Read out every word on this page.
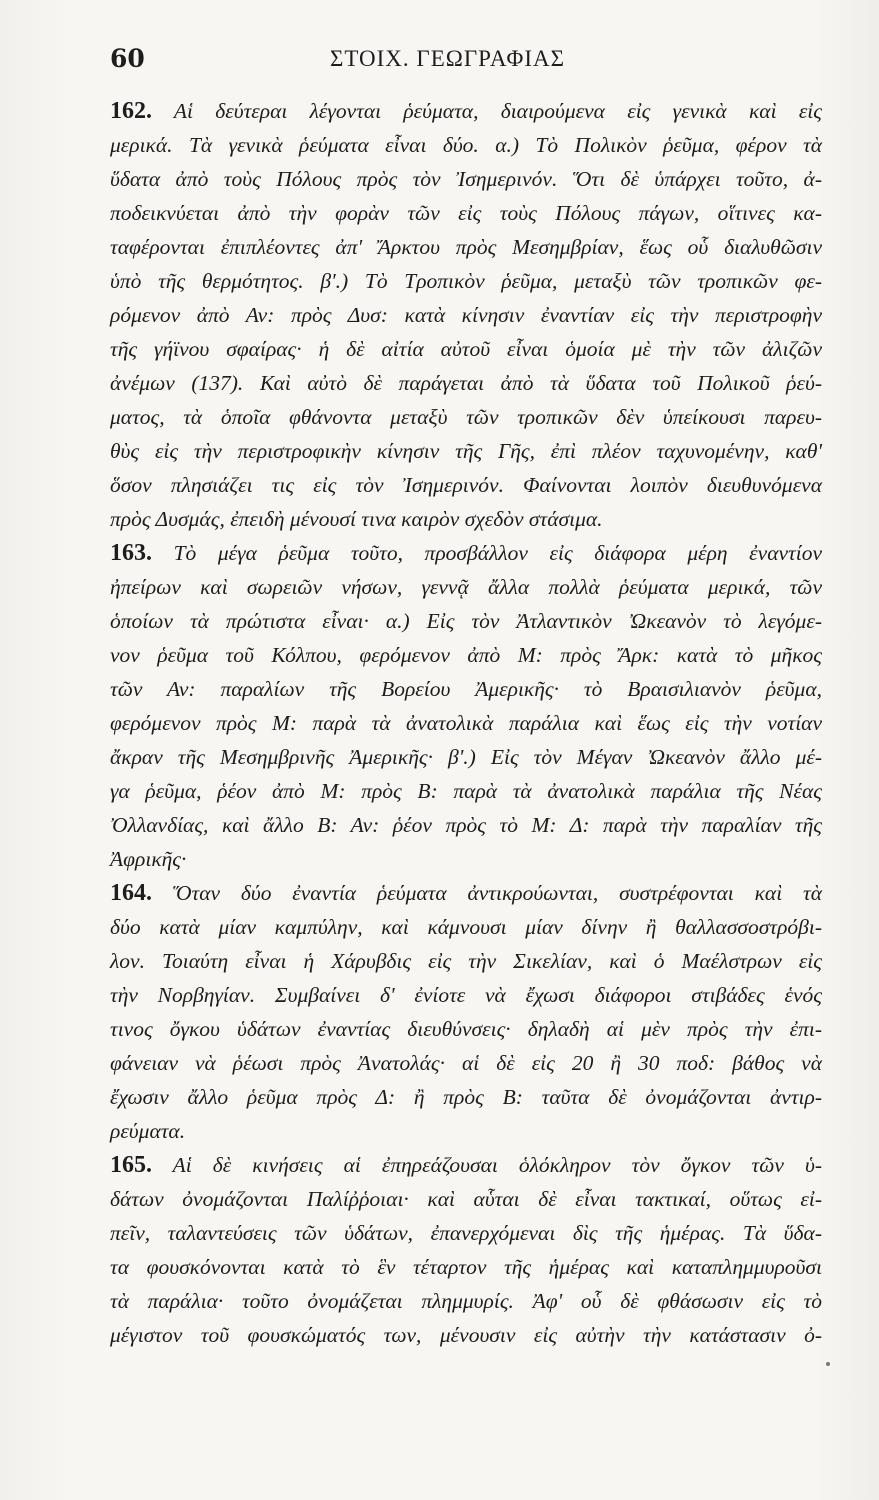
60	ΣΤΟΙΧ. ΓΕΩΓΡΑΦΙΑΣ
162. Αἱ δεύτεραι λέγονται ῥεύματα, διαιρούμενα εἰς γενικὰ καὶ εἰς
μερικά. Τὰ γενικὰ ῥεύματα εἶναι δύο. α.) Τὸ Πολικὸν ῥεῦμα, φέρον τὰ
ὕδατα ἀπὸ τοὺς Πόλους πρὸς τὸν Ἰσημερινόν. Ὅτι δὲ ὑπάρχει τοῦτο, ἀ-
ποδεικνύεται ἀπὸ τὴν φορὰν τῶν εἰς τοὺς Πόλους πάγων, οἵτινες κα-
ταφέρονται ἐπιπλέοντες ἀπ' Ἄρκτου πρὸς Μεσημβρίαν, ἕως οὗ διαλυθῶσιν
ὑπὸ τῆς θερμότητος. β'.) Τὸ Τροπικὸν ῥεῦμα, μεταξὺ τῶν τροπικῶν φε-
ρόμενον ἀπὸ Αν: πρὸς Δυσ: κατὰ κίνησιν ἐναντίαν εἰς τὴν περιστροφὴν
τῆς γήϊνου σφαίρας· ἡ δὲ αἰτία αὐτοῦ εἶναι ὁμοία μὲ τὴν τῶν ἀλιζῶν
ἀνέμων (137). Καὶ αὐτὸ δὲ παράγεται ἀπὸ τὰ ὕδατα τοῦ Πολικοῦ ῥεύ-
ματος, τὰ ὁποῖα φθάνοντα μεταξὺ τῶν τροπικῶν δὲν ὑπείκουσι παρευ-
θὺς εἰς τὴν περιστροφικὴν κίνησιν τῆς Γῆς, ἐπὶ πλέον ταχυνομένην, καθ'
ὅσον πλησιάζει τις εἰς τὸν Ἰσημερινόν. Φαίνονται λοιπὸν διευθυνόμενα
πρὸς Δυσμάς, ἐπειδὴ μένουσί τινα καιρὸν σχεδὸν στάσιμα.
163. Τὸ μέγα ῥεῦμα τοῦτο, προσβάλλον εἰς διάφορα μέρη ἐναντίον
ἠπείρων καὶ σωρειῶν νήσων, γεννᾷ ἄλλα πολλὰ ῥεύματα μερικά, τῶν
ὁποίων τὰ πρώτιστα εἶναι· α.) Εἰς τὸν Ἀτλαντικὸν Ὠκεανὸν τὸ λεγόμε-
νον ῥεῦμα τοῦ Κόλπου, φερόμενον ἀπὸ Μ: πρὸς Ἄρκ: κατὰ τὸ μῆκος
τῶν Αν: παραλίων τῆς Βορείου Ἀμερικῆς· τὸ Βραισιλιανὸν ῥεῦμα,
φερόμενον πρὸς Μ: παρὰ τὰ ἀνατολικὰ παράλια καὶ ἕως εἰς τὴν νοτίαν
ἄκραν τῆς Μεσημβρινῆς Ἀμερικῆς· β'.) Εἰς τὸν Μέγαν Ὠκεανὸν ἄλλο μέ-
γα ῥεῦμα, ῥέον ἀπὸ Μ: πρὸς Β: παρὰ τὰ ἀνατολικὰ παράλια τῆς Νέας
Ὀλλανδίας, καὶ ἄλλο Β: Αν: ῥέον πρὸς τὸ Μ: Δ: παρὰ τὴν παραλίαν τῆς
Ἀφρικῆς·
164. Ὅταν δύο ἐναντία ῥεύματα ἀντικρούωνται, συστρέφονται καὶ τὰ
δύο κατὰ μίαν καμπύλην, καὶ κάμνουσι μίαν δίνην ἢ θαλλασσοστρόβι-
λον. Τοιαύτη εἶναι ἡ Χάρυβδις εἰς τὴν Σικελίαν, καὶ ὁ Μαέλστρων εἰς
τὴν Νορβηγίαν. Συμβαίνει δ' ἐνίοτε νὰ ἔχωσι διάφοροι στιβάδες ἑνός
τινος ὄγκου ὑδάτων ἐναντίας διευθύνσεις· δηλαδὴ αἱ μὲν πρὸς τὴν ἐπι-
φάνειαν νὰ ῥέωσι πρὸς Ἀνατολάς· αἱ δὲ εἰς 20 ἢ 30 ποδ: βάθος νὰ
ἔχωσιν ἄλλο ῥεῦμα πρὸς Δ: ἢ πρὸς Β: ταῦτα δὲ ὀνομάζονται ἀντιρ-
ρεύματα.
165. Αἱ δὲ κινήσεις αἱ ἐπηρεάζουσαι ὁλόκληρον τὸν ὄγκον τῶν ὑ-
δάτων ὀνομάζονται Παλίῤῥοιαι· καὶ αὗται δὲ εἶναι τακτικαί, οὕτως εἰ-
πεῖν, ταλαντεύσεις τῶν ὑδάτων, ἐπανερχόμεναι δὶς τῆς ἡμέρας. Τὰ ὕδα-
τα φουσκόνονται κατὰ τὸ ἓν τέταρτον τῆς ἡμέρας καὶ καταπλημμυροῦσι
τὰ παράλια· τοῦτο ὀνομάζεται πλημμυρίς. Ἀφ' οὗ δὲ φθάσωσιν εἰς τὸ
μέγιστον τοῦ φουσκώματός των, μένουσιν εἰς αὐτὴν τὴν κατάστασιν ὀ-
